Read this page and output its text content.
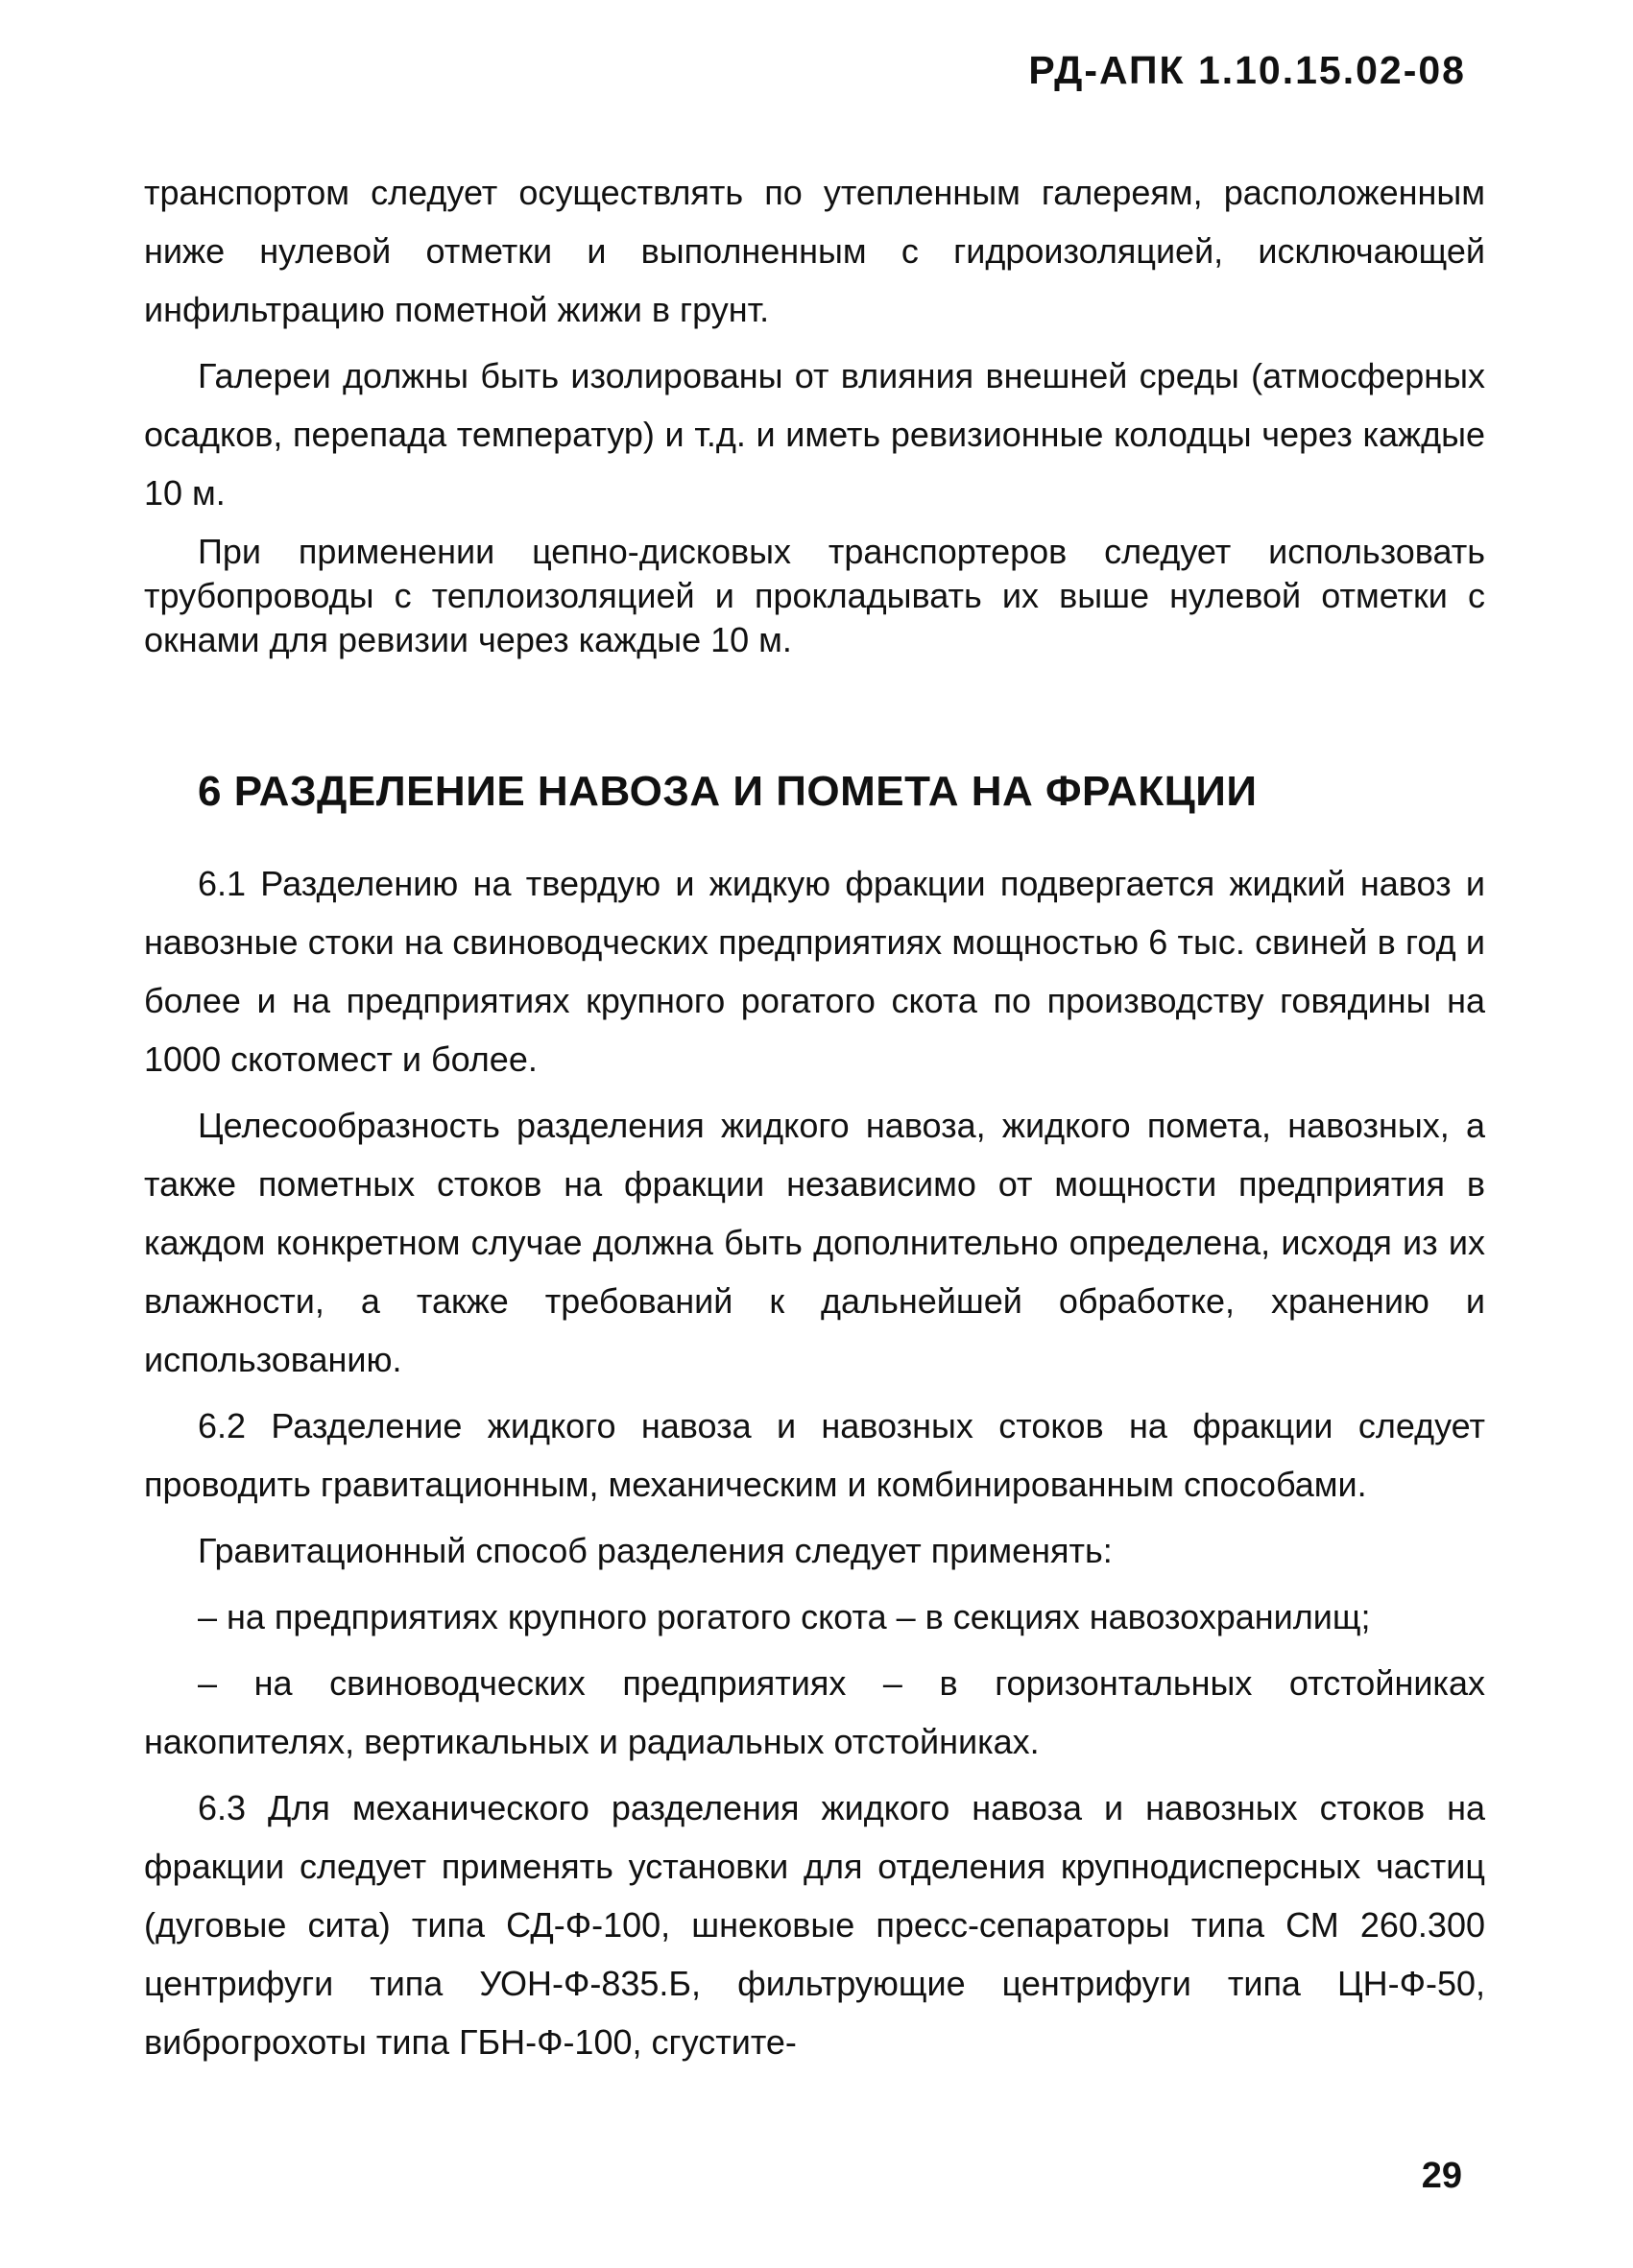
РД-АПК 1.10.15.02-08

транспортом следует осуществлять по утепленным галереям, расположенным ниже нулевой отметки и выполненным с гидроизоляцией, исключающей инфильтрацию пометной жижи в грунт.

Галереи должны быть изолированы от влияния внешней среды (атмосферных осадков, перепада температур) и т.д. и иметь ревизионные колодцы через каждые 10 м.

При применении цепно-дисковых транспортеров следует использовать трубопроводы с теплоизоляцией и прокладывать их выше нулевой отметки с окнами для ревизии через каждые 10 м.

6 РАЗДЕЛЕНИЕ НАВОЗА И ПОМЕТА НА ФРАКЦИИ

6.1 Разделению на твердую и жидкую фракции подвергается жидкий навоз и навозные стоки на свиноводческих предприятиях мощностью 6 тыс. свиней в год и более и на предприятиях крупного рогатого скота по производству говядины на 1000 скотомест и более.

Целесообразность разделения жидкого навоза, жидкого помета, навозных, а также пометных стоков на фракции независимо от мощности предприятия в каждом конкретном случае должна быть дополнительно определена, исходя из их влажности, а также требований к дальнейшей обработке, хранению и использованию.

6.2 Разделение жидкого навоза и навозных стоков на фракции следует проводить гравитационным, механическим и комбинированным способами.

Гравитационный способ разделения следует применять:

– на предприятиях крупного рогатого скота – в секциях навозохранилищ;

– на свиноводческих предприятиях – в горизонтальных отстойниках накопителях, вертикальных и радиальных отстойниках.

6.3 Для механического разделения жидкого навоза и навозных стоков на фракции следует применять установки для отделения крупнодисперсных частиц (дуговые сита) типа СД-Ф-100, шнековые пресс-сепараторы типа СМ 260.300 центрифуги типа УОН-Ф-835.Б, фильтрующие центрифуги типа ЦН-Ф-50, виброгрохоты типа ГБН-Ф-100, сгустите-

29
